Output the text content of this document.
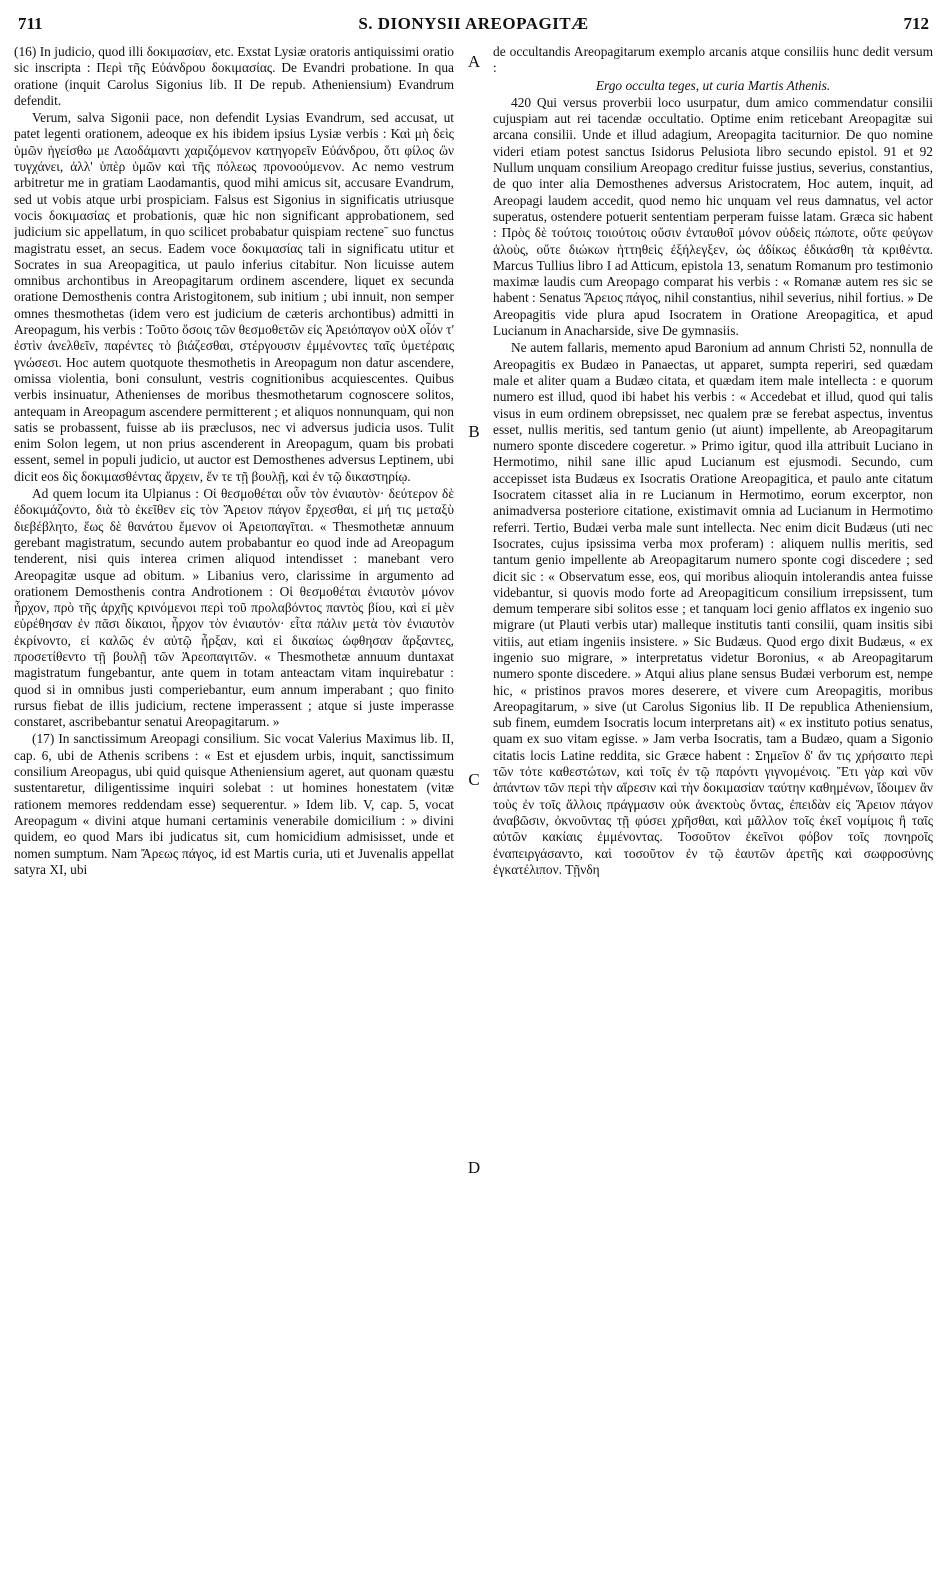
711	S. DIONYSII AREOPAGITÆ	712
A
B
C
D

(16) In judicio, quod illi δοκιμασίαν, etc. Exstat Lysiæ oratoris antiquissimi oratio sic inscripta : Περὶ τῆς Εὐάνδρου δοκιμασίας. De Evandri probatione. In qua oratione (inquit Carolus Sigonius lib. II De repub. Atheniensium) Evandrum defendit.

Verum, salva Sigonii pace, non defendit Lysias Evandrum, sed accusat, ut patet legenti orationem, adeoque ex his ibidem ipsius Lysiæ verbis : Καὶ μὴ δεὶς ὑμῶν ἡγείσθω με Λαοδάμαντι χαριζόμενον κατηγορεῖν Εὐάνδρου, ὅτι φίλος ὢν τυγχάνει, ἀλλ' ὑπὲρ ὑμῶν καὶ τῆς πόλεως προνοούμενον. Ac nemo vestrum arbitretur me in gratiam Laodamantis, quod mihi amicus sit, accusare Evandrum, sed ut vobis atque urbi prospiciam. Falsus est Sigonius in significatis utriusque vocis δοκιμασίας et probationis, quæ hic non significant approbationem, sed judicium sic appellatum, in quo scilicet probabatur quispiam recteneˉ suo functus magistratu esset, an secus. Eadem voce δοκιμασίας tali in significatu utitur et Socrates in sua Areopagitica, ut paulo inferius citabitur. Non licuisse autem omnibus archontibus in Areopagitarum ordinem ascendere, liquet ex secunda oratione Demosthenis contra Aristogitonem, sub initium ; ubi innuit, non semper omnes thesmothetas (idem vero est judicium de cæteris archontibus) admitti in Areopagum, his verbis : Τοῦτο ὅσοις τῶν θεσμοθετῶν εἰς Ἀρειόπαγον οὐΧ οἷόν τ' ἐστὶν ἀνελθεῖν, παρέντες τὸ βιάζεσθαι, στέργουσιν ἐμμένοντες ταῖς ὑμετέραις γνώσεσι. Hoc autem quotquote thesmothetis in Areopagum non datur ascendere, omissa violentia, boni consulunt, vestris cognitionibus acquiescentes. Quibus verbis insinuatur, Athenienses de moribus thesmothetarum cognoscere solitos, antequam in Areopagum ascendere permitterent ; et aliquos nonnunquam, qui non satis se probassent, fuisse ab iis præclusos, nec vi adversus judicia usos. Tulit enim Solon legem, ut non prius ascenderent in Areopagum, quam bis probati essent, semel in populi judicio, ut auctor est Demosthenes adversus Leptinem, ubi dicit eos δὶς δοκιμασθέντας ἄρχειν, ἔν τε τῇ βουλῇ, καὶ ἐν τῷ δικαστηρίῳ.

Ad quem locum ita Ulpianus : Οἱ θεσμοθέται οὖν τὸν ἐνιαυτὸν· δεύτερον δὲ ἐδοκιμάζοντο, διὰ τὸ ἐκεῖθεν εἰς τὸν Ἄρειον πάγον ἔρχεσθαι, εἰ μή τις μεταξὺ διεβέβλητο, ἕως δὲ θανάτου ἔμενον οἱ Ἀρειοπαγῖται. « Thesmothetæ annuum gerebant magistratum, secundo autem probabantur eo quod inde ad Areopagum tenderent, nisi quis interea crimen aliquod intendisset : manebant vero Areopagitæ usque ad obitum. » Libanius vero, clarissime in argumento ad orationem Demosthenis contra Androtionem : Οἱ θεσμοθέται ἐνιαυτὸν μόνον ἦρχον, πρὸ τῆς ἀρχῆς κρινόμενοι περὶ τοῦ προλαβόντος παντὸς βίου, καὶ εἰ μὲν εὑρέθησαν ἐν πᾶσι δίκαιοι, ἦρχον τὸν ἐνιαυτόν· εἶτα πάλιν μετὰ τὸν ἐνιαυτὸν ἐκρίνοντο, εἰ καλῶς ἐν αὐτῷ ἦρξαν, καὶ εἰ δικαίως ὠφθησαν ἄρξαντες, προσετίθεντο τῇ βουλῇ τῶν Ἀρεοπαγιτῶν. « Thesmothetæ annuum duntaxat magistratum fungebantur, ante quem in totam anteactam vitam inquirebatur : quod si in omnibus justi comperiebantur, eum annum imperabant ; quo finito rursus fiebat de illis judicium, rectene imperassent ; atque si juste imperasse constaret, ascribebantur senatui Areopagitarum. »

(17) In sanctissimum Areopagi consilium. Sic vocat Valerius Maximus lib. II, cap. 6, ubi de Athenis scribens : « Est et ejusdem urbis, inquit, sanctissimum consilium Areopagus, ubi quid quisque Atheniensium ageret, aut quonam quæstu sustentaretur, diligentissime inquiri solebat : ut homines honestatem (vitæ rationem memores reddendam esse) sequerentur. » Idem lib. V, cap. 5, vocat Areopagum « divini atque humani certaminis venerabile domicilium : » divini quidem, eo quod Mars ibi judicatus sit, cum homicidium admisisset, unde et nomen sumptum. Nam Ἄρεως πάγος, id est Martis curia, uti et Juvenalis appellat satyra XI, ubi

de occultandis Areopagitarum exemplo arcanis atque consiliis hunc dedit versum :

Ergo occulta teges, ut curia Martis Athenis.

420 Qui versus proverbii loco usurpatur, dum amico commendatur consilii cujuspiam aut rei tacendæ occultatio. Optime enim reticebant Areopagitæ sui arcana consilii. Unde et illud adagium, Areopagita taciturnior. De quo nomine videri etiam potest sanctus Isidorus Pelusiota libro secundo epistol. 91 et 92 Nullum unquam consilium Areopago creditur fuisse justius, severius, constantius, de quo inter alia Demosthenes adversus Aristocratem, Hoc autem, inquit, ad Areopagi laudem accedit, quod nemo hic unquam vel reus damnatus, vel actor superatus, ostendere potuerit sententiam perperam fuisse latam. Græca sic habent : Πρὸς δὲ τούτοις τοιούτοις οὔσιν ἐνταυθοῖ μόνον οὐδεὶς πώποτε, οὔτε φεύγων ἁλοὺς, οὔτε διώκων ἡττηθεὶς ἐξήλεγξεν, ὡς ἀδίκως ἐδικάσθη τὰ κριθέντα. Marcus Tullius libro I ad Atticum, epistola 13, senatum Romanum pro testimonio maximæ laudis cum Areopago comparat his verbis : « Romanæ autem res sic se habent : Senatus Ἄρειος πάγος, nihil constantius, nihil severius, nihil fortius. » De Areopagitis vide plura apud Isocratem in Oratione Areopagitica, et apud Lucianum in Anacharside, sive De gymnasiis.

Ne autem fallaris, memento apud Baronium ad annum Christi 52, nonnulla de Areopagitis ex Budæo in Panaectas, ut apparet, sumpta reperiri, sed quædam male et aliter quam a Budæo citata, et quædam item male intellecta : e quorum numero est illud, quod ibi habet his verbis : « Accedebat et illud, quod qui talis visus in eum ordinem obrepsisset, nec qualem præ se ferebat aspectus, inventus esset, nullis meritis, sed tantum genio (ut aiunt) impellente, ab Areopagitarum numero sponte discedere cogeretur. » Primo igitur, quod illa attribuit Luciano in Hermotimo, nihil sane illic apud Lucianum est ejusmodi. Secundo, cum accepisset ista Budæus ex Isocratis Oratione Areopagitica, et paulo ante citatum Isocratem citasset alia in re Lucianum in Hermotimo, eorum excerptor, non animadversa posteriore citatione, existimavit omnia ad Lucianum in Hermotimo referri. Tertio, Budæi verba male sunt intellecta. Nec enim dicit Budæus (uti nec Isocrates, cujus ipsissima verba mox proferam) : aliquem nullis meritis, sed tantum genio impellente ab Areopagitarum numero sponte cogi discedere ; sed dicit sic : « Observatum esse, eos, qui moribus alioquin intolerandis antea fuisse videbantur, si quovis modo forte ad Areopagiticum consilium irrepsissent, tum demum temperare sibi solitos esse ; et tanquam loci genio afflatos ex ingenio suo migrare (ut Plauti verbis utar) malleque institutis tanti consilii, quam insitis sibi vitiis, aut etiam ingeniis insistere. » Sic Budæus. Quod ergo dixit Budæus, « ex ingenio suo migrare, » interpretatus videtur Boronius, « ab Areopagitarum numero sponte discedere. » Atqui alius plane sensus Budæi verborum est, nempe hic, « pristinos pravos mores deserere, et vivere cum Areopagitis, moribus Areopagitarum, » sive (ut Carolus Sigonius lib. II De republica Atheniensium, sub finem, eumdem Isocratis locum interpretans ait) « ex instituto potius senatus, quam ex suo vitam egisse. » Jam verba Isocratis, tam a Budæo, quam a Sigonio citatis locis Latine reddita, sic Græce habent : Σημεῖον δ' ἄν τις χρήσαιτο περὶ τῶν τότε καθεστώτων, καὶ τοῖς ἐν τῷ παρόντι γιγνομένοις. Ἔτι γὰρ καὶ νῦν ἁπάντων τῶν περὶ τὴν αἵρεσιν καὶ τὴν δοκιμασίαν ταύτην καθημένων, ἴδοιμεν ἂν τοὺς ἐν τοῖς ἄλλοις πράγμασιν οὐκ ἀνεκτοὺς ὄντας, ἐπειδὰν εἰς Ἄρειον πάγον ἀναβῶσιν, ὀκνοῦντας τῇ φύσει χρῆσθαι, καὶ μᾶλλον τοῖς ἐκεῖ νομίμοις ἢ ταῖς αὐτῶν κακίαις ἐμμένοντας. Τοσοῦτον ἐκεῖνοι φόβον τοῖς πονηροῖς ἐναπειργάσαντο, καὶ τοσοῦτον ἐν τῷ ἑαυτῶν ἀρετῆς καὶ σωφροσύνης ἐγκατέλιπον. Τῇνδη
